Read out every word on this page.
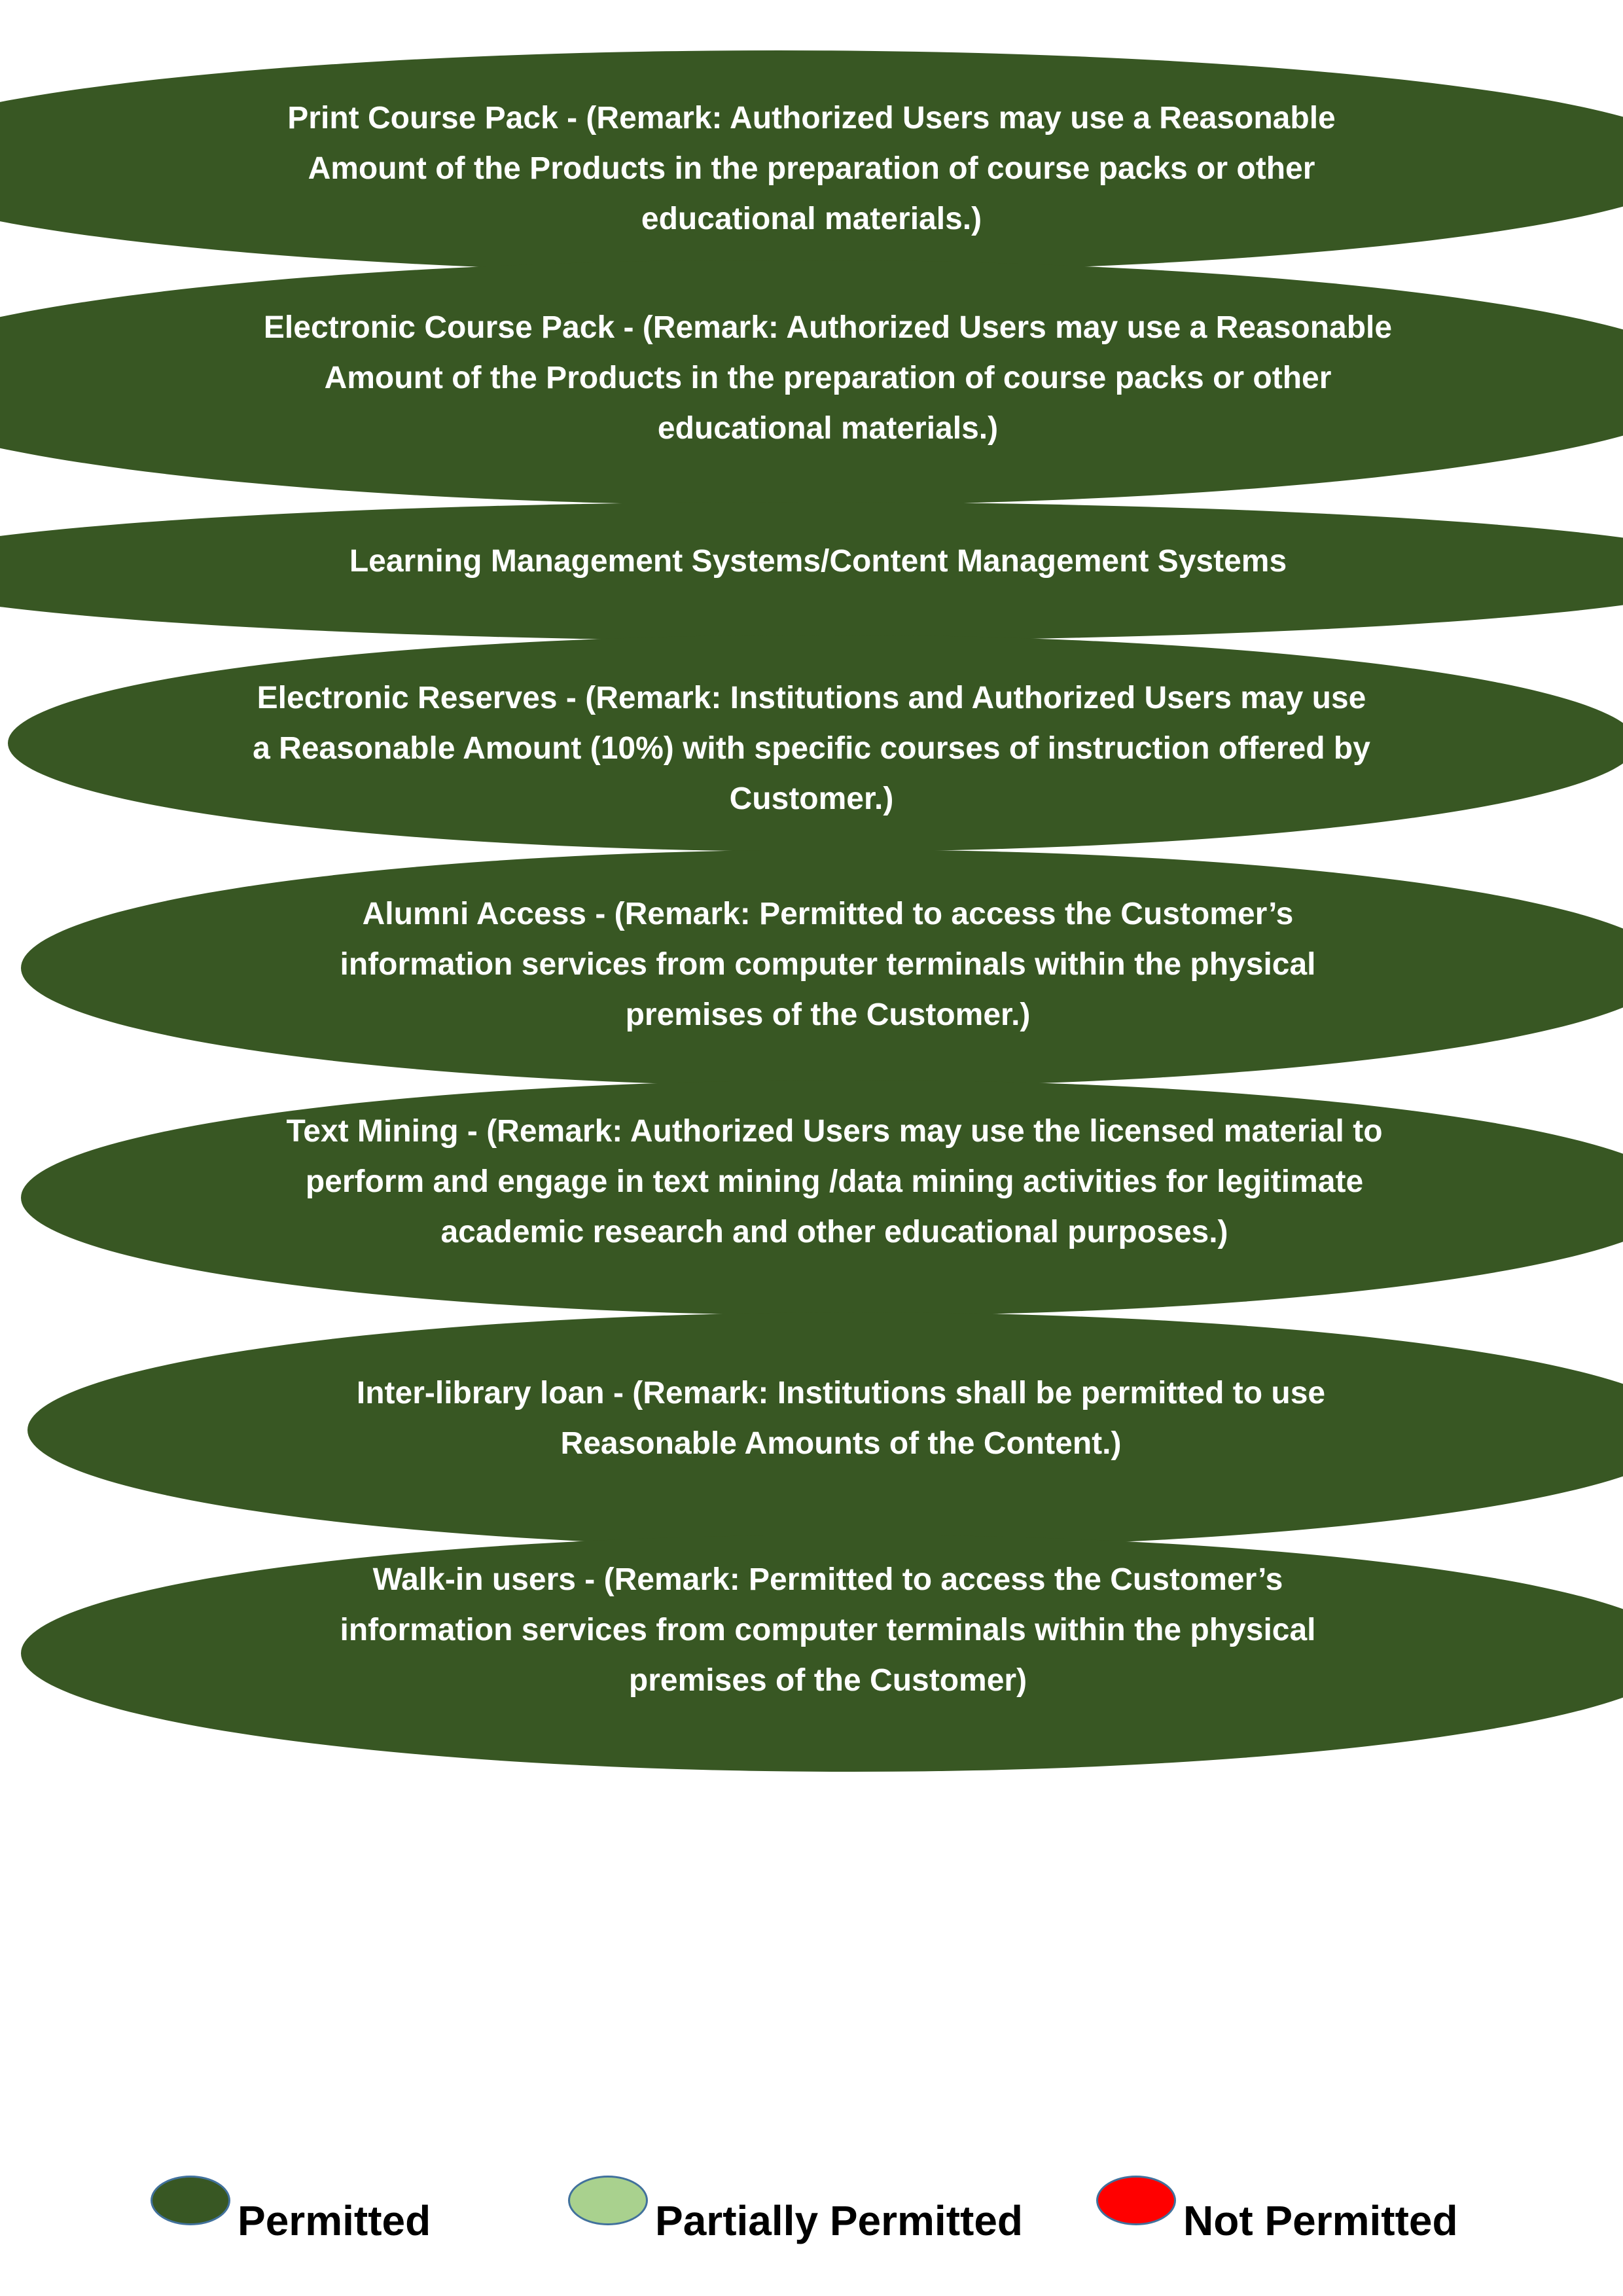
Print Course Pack - (Remark: Authorized Users may use a Reasonable Amount of the Products in the preparation of course packs or other educational materials.)
Electronic Course Pack - (Remark: Authorized Users may use a Reasonable Amount of the Products in the preparation of course packs or other educational materials.)
Learning Management Systems/Content Management Systems
Electronic Reserves - (Remark: Institutions and Authorized Users may use a Reasonable Amount (10%) with specific courses of instruction offered by Customer.)
Alumni Access - (Remark: Permitted to access the Customer’s information services from computer terminals within the physical premises of the Customer.)
Text Mining - (Remark: Authorized Users may use the licensed material to perform and engage in text mining /data mining activities for legitimate academic research and other educational purposes.)
Inter-library loan - (Remark: Institutions shall be permitted to use Reasonable Amounts of the Content.)
Walk-in users - (Remark: Permitted to access the Customer’s information services from computer terminals within the physical premises of the Customer)
Permitted	Partially Permitted	Not Permitted
